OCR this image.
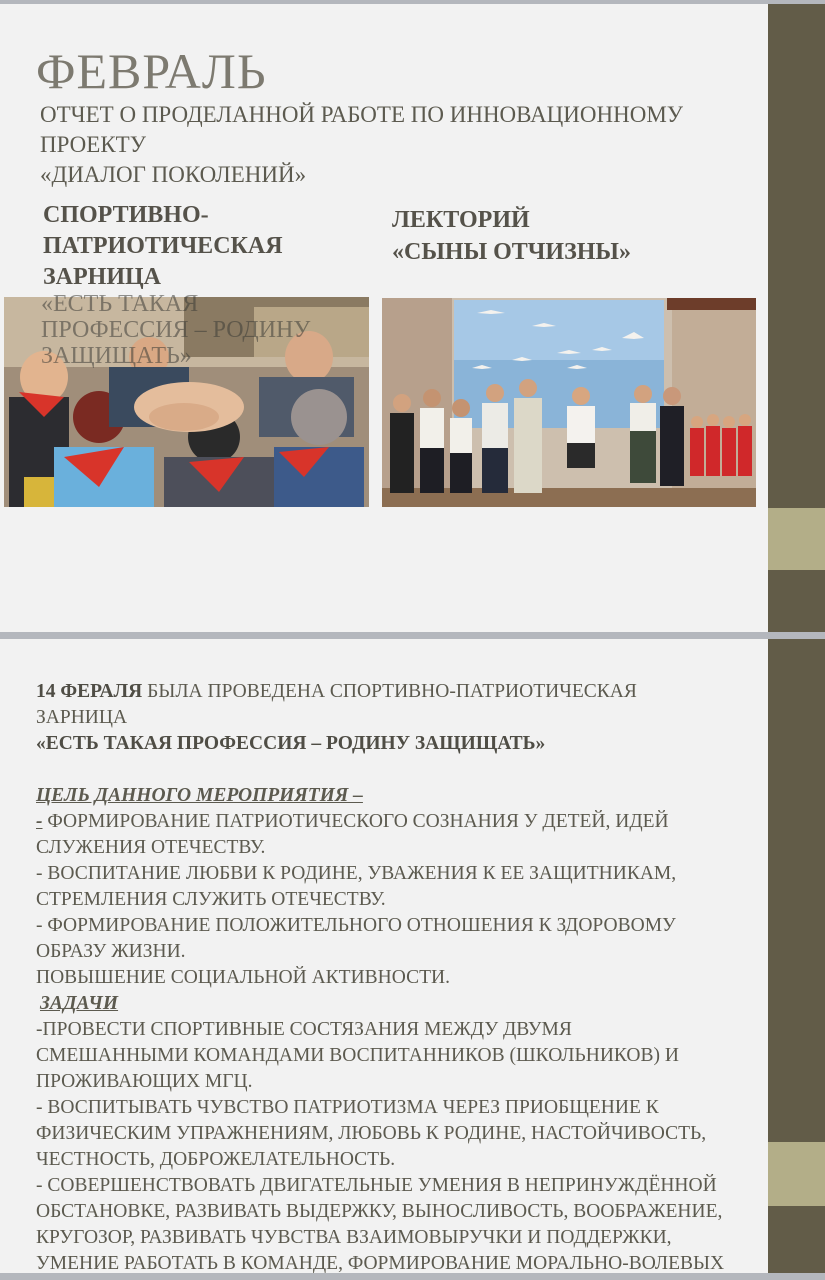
ФЕВРАЛЬ
ОТЧЕТ О ПРОДЕЛАННОЙ РАБОТЕ ПО ИННОВАЦИОННОМУ ПРОЕКТУ
«ДИАЛОГ ПОКОЛЕНИЙ»
СПОРТИВНО-ПАТРИОТИЧЕСКАЯ ЗАРНИЦА
ЛЕКТОРИЙ
«СЫНЫ ОТЧИЗНЫ»
«ЕСТЬ ТАКАЯ ПРОФЕССИЯ – РОДИНУ ЗАЩИЩАТЬ»

14 ФЕРАЛЯ БЫЛА ПРОВЕДЕНА СПОРТИВНО-ПАТРИОТИЧЕСКАЯ ЗАРНИЦА

«ЕСТЬ ТАКАЯ ПРОФЕССИЯ – РОДИНУ ЗАЩИЩАТЬ»

ЦЕЛЬ ДАННОГО МЕРОПРИЯТИЯ –

- ФОРМИРОВАНИЕ ПАТРИОТИЧЕСКОГО СОЗНАНИЯ У ДЕТЕЙ, ИДЕЙ СЛУЖЕНИЯ ОТЕЧЕСТВУ.

- ВОСПИТАНИЕ ЛЮБВИ К РОДИНЕ, УВАЖЕНИЯ К ЕЕ ЗАЩИТНИКАМ, СТРЕМЛЕНИЯ СЛУЖИТЬ ОТЕЧЕСТВУ.

- ФОРМИРОВАНИЕ ПОЛОЖИТЕЛЬНОГО ОТНОШЕНИЯ К ЗДОРОВОМУ ОБРАЗУ ЖИЗНИ.

ПОВЫШЕНИЕ СОЦИАЛЬНОЙ АКТИВНОСТИ.

ЗАДАЧИ

-ПРОВЕСТИ СПОРТИВНЫЕ СОСТЯЗАНИЯ МЕЖДУ ДВУМЯ СМЕШАННЫМИ КОМАНДАМИ ВОСПИТАННИКОВ (ШКОЛЬНИКОВ) И ПРОЖИВАЮЩИХ МГЦ.

- ВОСПИТЫВАТЬ ЧУВСТВО ПАТРИОТИЗМА ЧЕРЕЗ ПРИОБЩЕНИЕ К ФИЗИЧЕСКИМ УПРАЖНЕНИЯМ, ЛЮБОВЬ К РОДИНЕ, НАСТОЙЧИВОСТЬ, ЧЕСТНОСТЬ, ДОБРОЖЕЛАТЕЛЬНОСТЬ.

- СОВЕРШЕНСТВОВАТЬ ДВИГАТЕЛЬНЫЕ УМЕНИЯ В НЕПРИНУЖДЁННОЙ ОБСТАНОВКЕ, РАЗВИВАТЬ ВЫДЕРЖКУ, ВЫНОСЛИВОСТЬ, ВООБРАЖЕНИЕ, КРУГОЗОР, РАЗВИВАТЬ ЧУВСТВА ВЗАИМОВЫРУЧКИ И ПОДДЕРЖКИ, УМЕНИЕ РАБОТАТЬ В КОМАНДЕ, ФОРМИРОВАНИЕ МОРАЛЬНО-ВОЛЕВЫХ
